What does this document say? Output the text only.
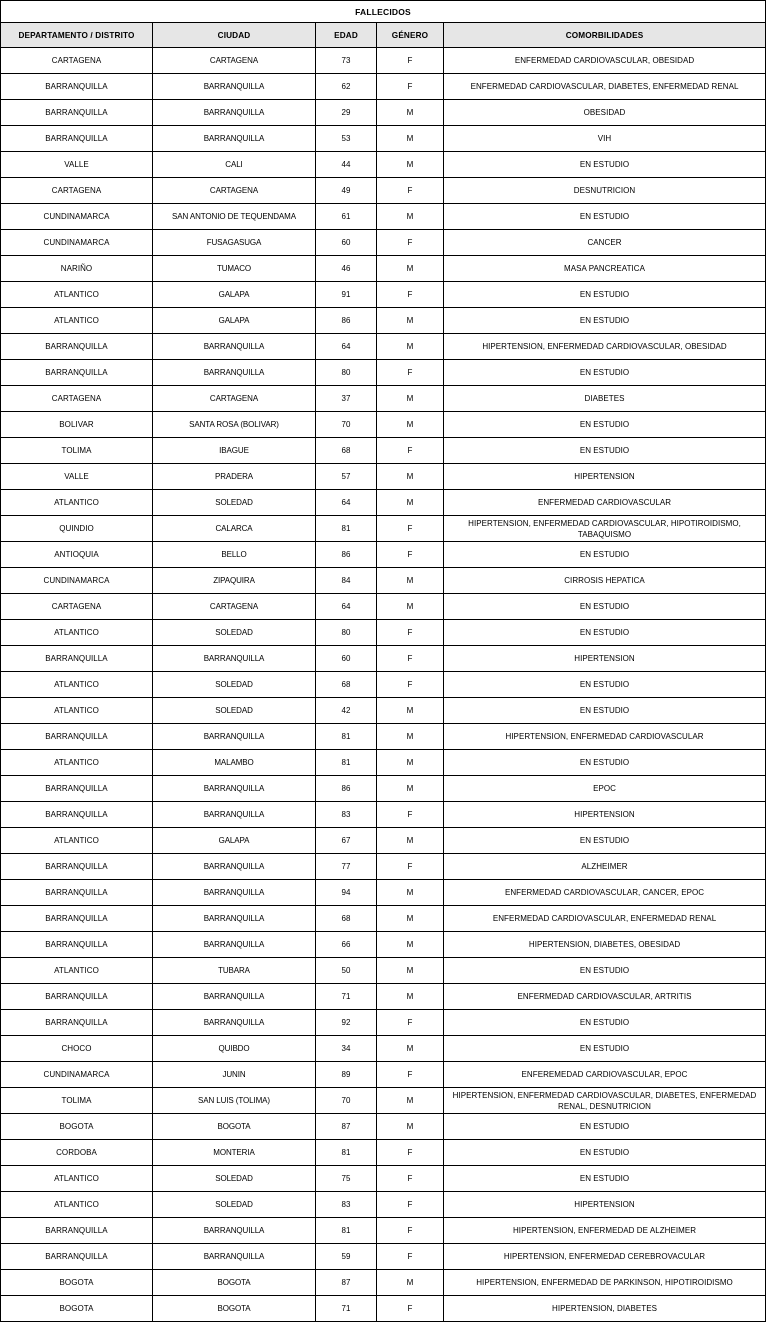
FALLECIDOS				
DEPARTAMENTO / DISTRITO	CIUDAD	EDAD	GÉNERO	COMORBILIDADES
CARTAGENA	CARTAGENA	73	F	ENFERMEDAD CARDIOVASCULAR, OBESIDAD

BARRANQUILLA	BARRANQUILLA	62	F	ENFERMEDAD CARDIOVASCULAR, DIABETES, ENFERMEDAD RENAL

BARRANQUILLA	BARRANQUILLA	29	M	OBESIDAD

BARRANQUILLA	BARRANQUILLA	53	M	VIH

VALLE	CALI	44	M	EN ESTUDIO

CARTAGENA	CARTAGENA	49	F	DESNUTRICION

CUNDINAMARCA	SAN ANTONIO DE TEQUENDAMA	61	M	EN ESTUDIO

CUNDINAMARCA	FUSAGASUGA	60	F	CANCER

NARIÑO	TUMACO	46	M	MASA PANCREATICA

ATLANTICO	GALAPA	91	F	EN ESTUDIO

ATLANTICO	GALAPA	86	M	EN ESTUDIO

BARRANQUILLA	BARRANQUILLA	64	M	HIPERTENSION, ENFERMEDAD CARDIOVASCULAR, OBESIDAD

BARRANQUILLA	BARRANQUILLA	80	F	EN ESTUDIO

CARTAGENA	CARTAGENA	37	M	DIABETES

BOLIVAR	SANTA ROSA (BOLIVAR)	70	M	EN ESTUDIO

TOLIMA	IBAGUE	68	F	EN ESTUDIO

VALLE	PRADERA	57	M	HIPERTENSION

ATLANTICO	SOLEDAD	64	M	ENFERMEDAD CARDIOVASCULAR

QUINDIO	CALARCA	81	F	HIPERTENSION, ENFERMEDAD CARDIOVASCULAR, HIPOTIROIDISMO, TABAQUISMO

ANTIOQUIA	BELLO	86	F	EN ESTUDIO

CUNDINAMARCA	ZIPAQUIRA	84	M	CIRROSIS HEPATICA

CARTAGENA	CARTAGENA	64	M	EN ESTUDIO

ATLANTICO	SOLEDAD	80	F	EN ESTUDIO

BARRANQUILLA	BARRANQUILLA	60	F	HIPERTENSION

ATLANTICO	SOLEDAD	68	F	EN ESTUDIO

ATLANTICO	SOLEDAD	42	M	EN ESTUDIO

BARRANQUILLA	BARRANQUILLA	81	M	HIPERTENSION, ENFERMEDAD CARDIOVASCULAR

ATLANTICO	MALAMBO	81	M	EN ESTUDIO

BARRANQUILLA	BARRANQUILLA	86	M	EPOC

BARRANQUILLA	BARRANQUILLA	83	F	HIPERTENSION

ATLANTICO	GALAPA	67	M	EN ESTUDIO

BARRANQUILLA	BARRANQUILLA	77	F	ALZHEIMER

BARRANQUILLA	BARRANQUILLA	94	M	ENFERMEDAD CARDIOVASCULAR, CANCER, EPOC

BARRANQUILLA	BARRANQUILLA	68	M	ENFERMEDAD CARDIOVASCULAR, ENFERMEDAD RENAL

BARRANQUILLA	BARRANQUILLA	66	M	HIPERTENSION, DIABETES, OBESIDAD

ATLANTICO	TUBARA	50	M	EN ESTUDIO

BARRANQUILLA	BARRANQUILLA	71	M	ENFERMEDAD CARDIOVASCULAR, ARTRITIS

BARRANQUILLA	BARRANQUILLA	92	F	EN ESTUDIO

CHOCO	QUIBDO	34	M	EN ESTUDIO

CUNDINAMARCA	JUNIN	89	F	ENFEREMEDAD CARDIOVASCULAR, EPOC

TOLIMA	SAN LUIS (TOLIMA)	70	M	HIPERTENSION, ENFERMEDAD CARDIOVASCULAR, DIABETES, ENFERMEDAD RENAL, DESNUTRICION

BOGOTA	BOGOTA	87	M	EN ESTUDIO

CORDOBA	MONTERIA	81	F	EN ESTUDIO

ATLANTICO	SOLEDAD	75	F	EN ESTUDIO

ATLANTICO	SOLEDAD	83	F	HIPERTENSION

BARRANQUILLA	BARRANQUILLA	81	F	HIPERTENSION, ENFERMEDAD DE ALZHEIMER

BARRANQUILLA	BARRANQUILLA	59	F	HIPERTENSION, ENFERMEDAD CEREBROVACULAR

BOGOTA	BOGOTA	87	M	HIPERTENSION, ENFERMEDAD DE PARKINSON, HIPOTIROIDISMO

BOGOTA	BOGOTA	71	F	HIPERTENSION, DIABETES
